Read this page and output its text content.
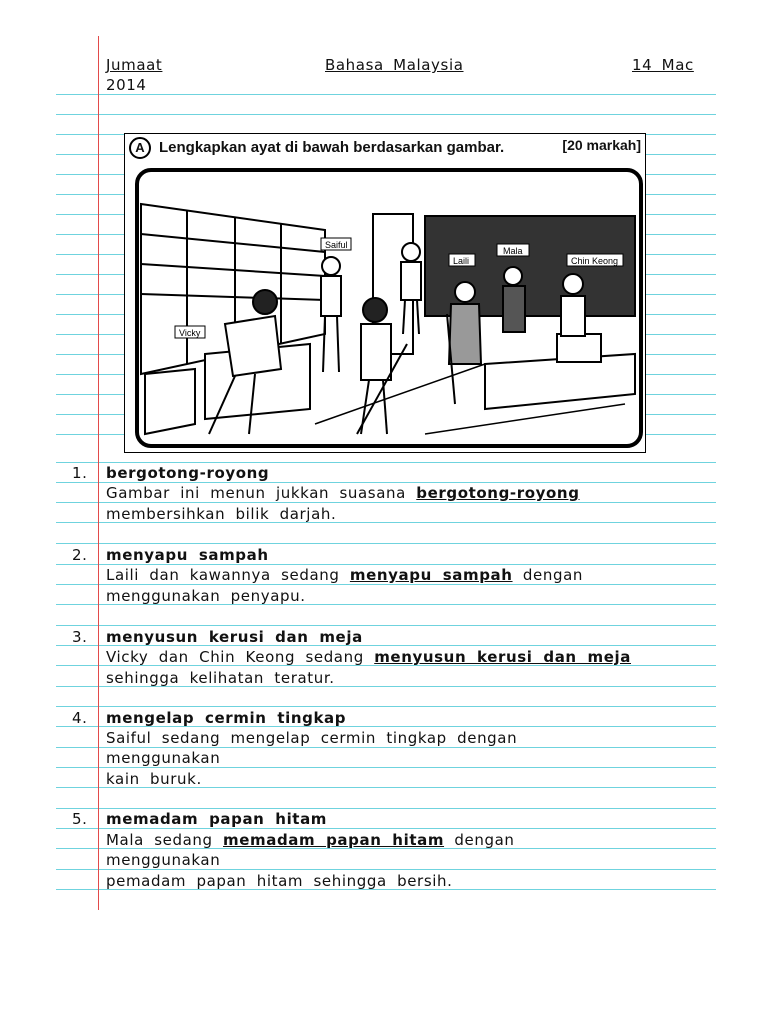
Jumaat	Bahasa Malaysia	14 Mac
2014
A Lengkapkan ayat di bawah berdasarkan gambar.	[20 markah]
Saiful
Laili
Mala
Chin Keong
Vicky
1. bergotong-royong
Gambar ini menun jukkan suasana bergotong-royong
membersihkan bilik darjah.
2. menyapu sampah
Laili dan kawannya sedang menyapu sampah dengan
menggunakan penyapu.
3. menyusun kerusi dan meja
Vicky dan Chin Keong sedang menyusun kerusi dan meja
sehingga kelihatan teratur.
4. mengelap cermin tingkap
Saiful sedang mengelap cermin tingkap dengan
menggunakan
kain buruk.
5. memadam papan hitam
Mala sedang memadam papan hitam dengan
menggunakan
pemadam papan hitam sehingga bersih.
